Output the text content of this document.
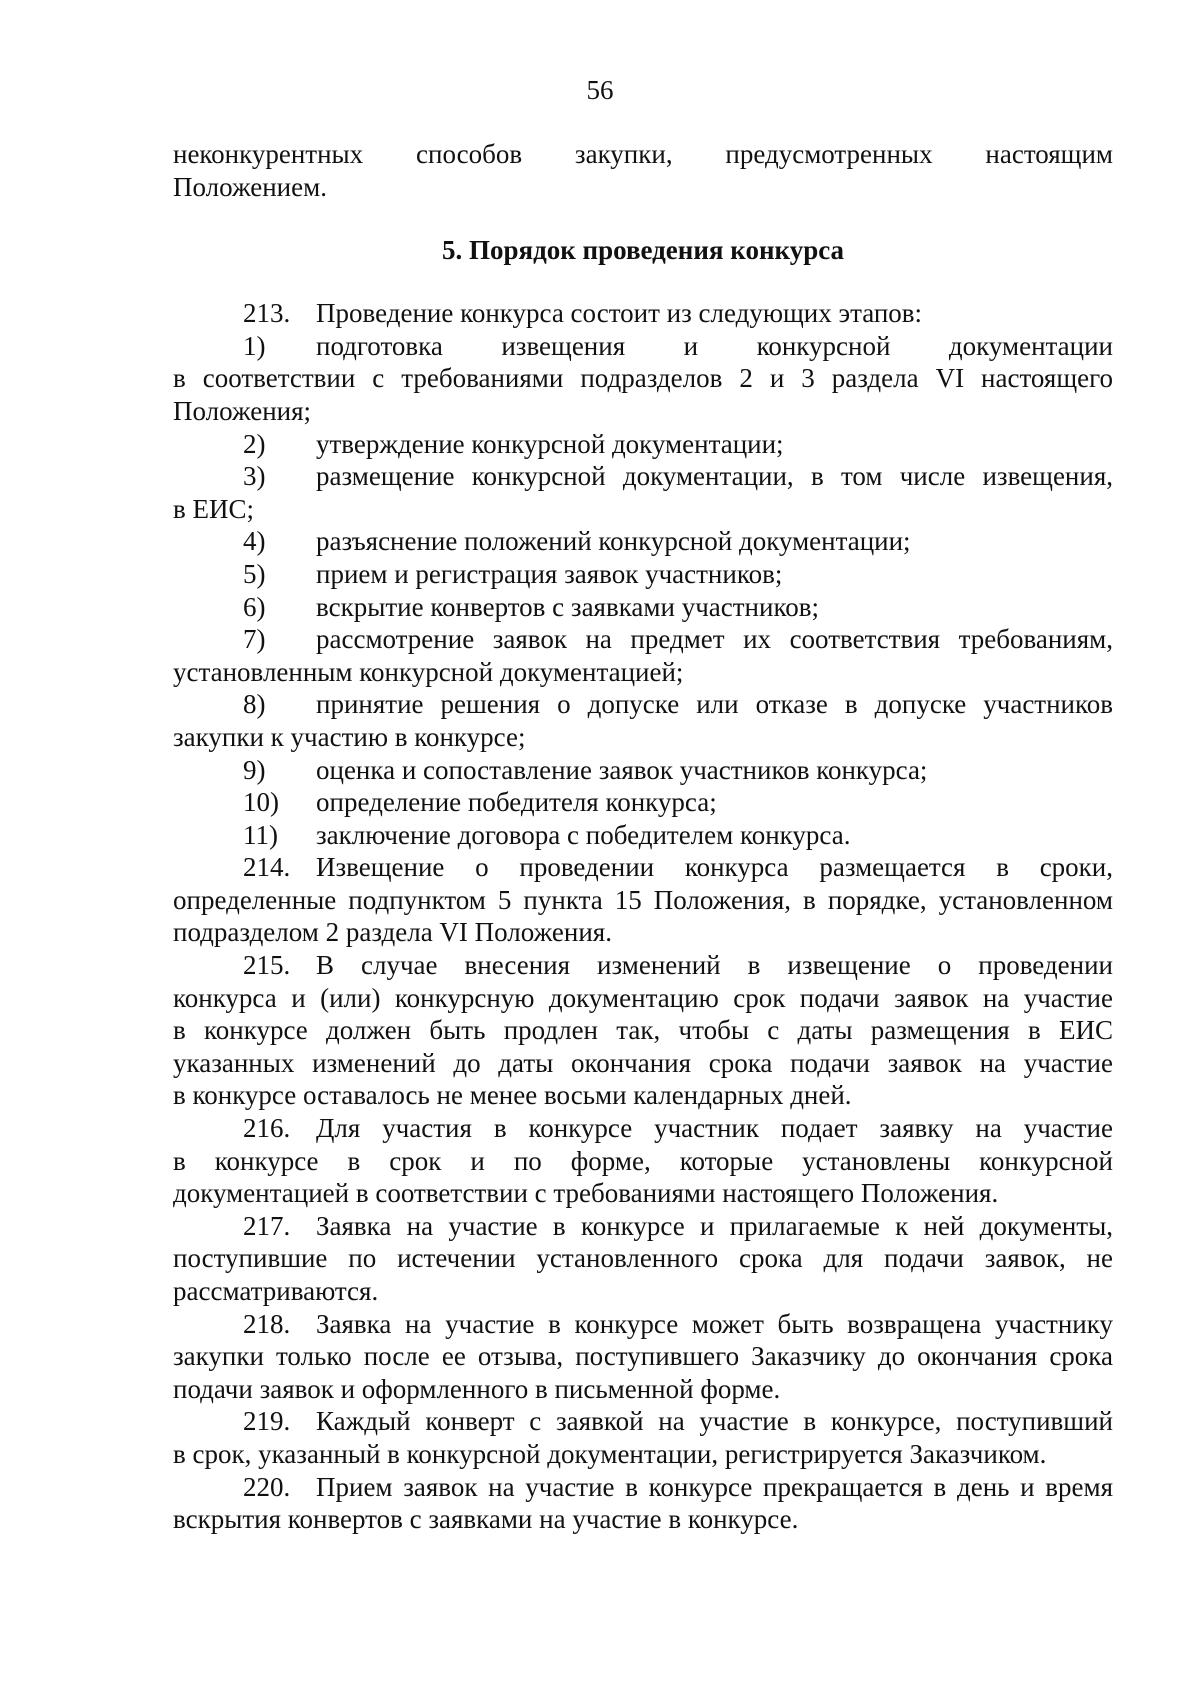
56
неконкурентных способов закупки, предусмотренных настоящим
Положением.
5. Порядок проведения конкурса
213. Проведение конкурса состоит из следующих этапов:
1)	подготовка извещения и конкурсной документации
в соответствии с требованиями подразделов 2 и 3 раздела VI настоящего
Положения;
2)	утверждение конкурсной документации;
3)	размещение конкурсной документации, в том числе извещения,
в ЕИС;
4)	разъяснение положений конкурсной документации;
5)	прием и регистрация заявок участников;
6)	вскрытие конвертов с заявками участников;
7)	рассмотрение заявок на предмет их соответствия требованиям,
установленным конкурсной документацией;
8)	принятие решения о допуске или отказе в допуске участников
закупки к участию в конкурсе;
9)	оценка и сопоставление заявок участников конкурса;
10)	определение победителя конкурса;
11)	заключение договора с победителем конкурса.
214. Извещение о проведении конкурса размещается в сроки,
определенные подпунктом 5 пункта 15 Положения, в порядке, установленном
подразделом 2 раздела VI Положения.
215. В случае внесения изменений в извещение о проведении
конкурса и (или) конкурсную документацию срок подачи заявок на участие
в конкурсе должен быть продлен так, чтобы с даты размещения в ЕИС
указанных изменений до даты окончания срока подачи заявок на участие
в конкурсе оставалось не менее восьми календарных дней.
216. Для участия в конкурсе участник подает заявку на участие
в конкурсе в срок и по форме, которые установлены конкурсной
документацией в соответствии с требованиями настоящего Положения.
217. Заявка на участие в конкурсе и прилагаемые к ней документы,
поступившие по истечении установленного срока для подачи заявок, не
рассматриваются.
218. Заявка на участие в конкурсе может быть возвращена участнику
закупки только после ее отзыва, поступившего Заказчику до окончания срока
подачи заявок и оформленного в письменной форме.
219. Каждый конверт с заявкой на участие в конкурсе, поступивший
в срок, указанный в конкурсной документации, регистрируется Заказчиком.
220. Прием заявок на участие в конкурсе прекращается в день и время
вскрытия конвертов с заявками на участие в конкурсе.
